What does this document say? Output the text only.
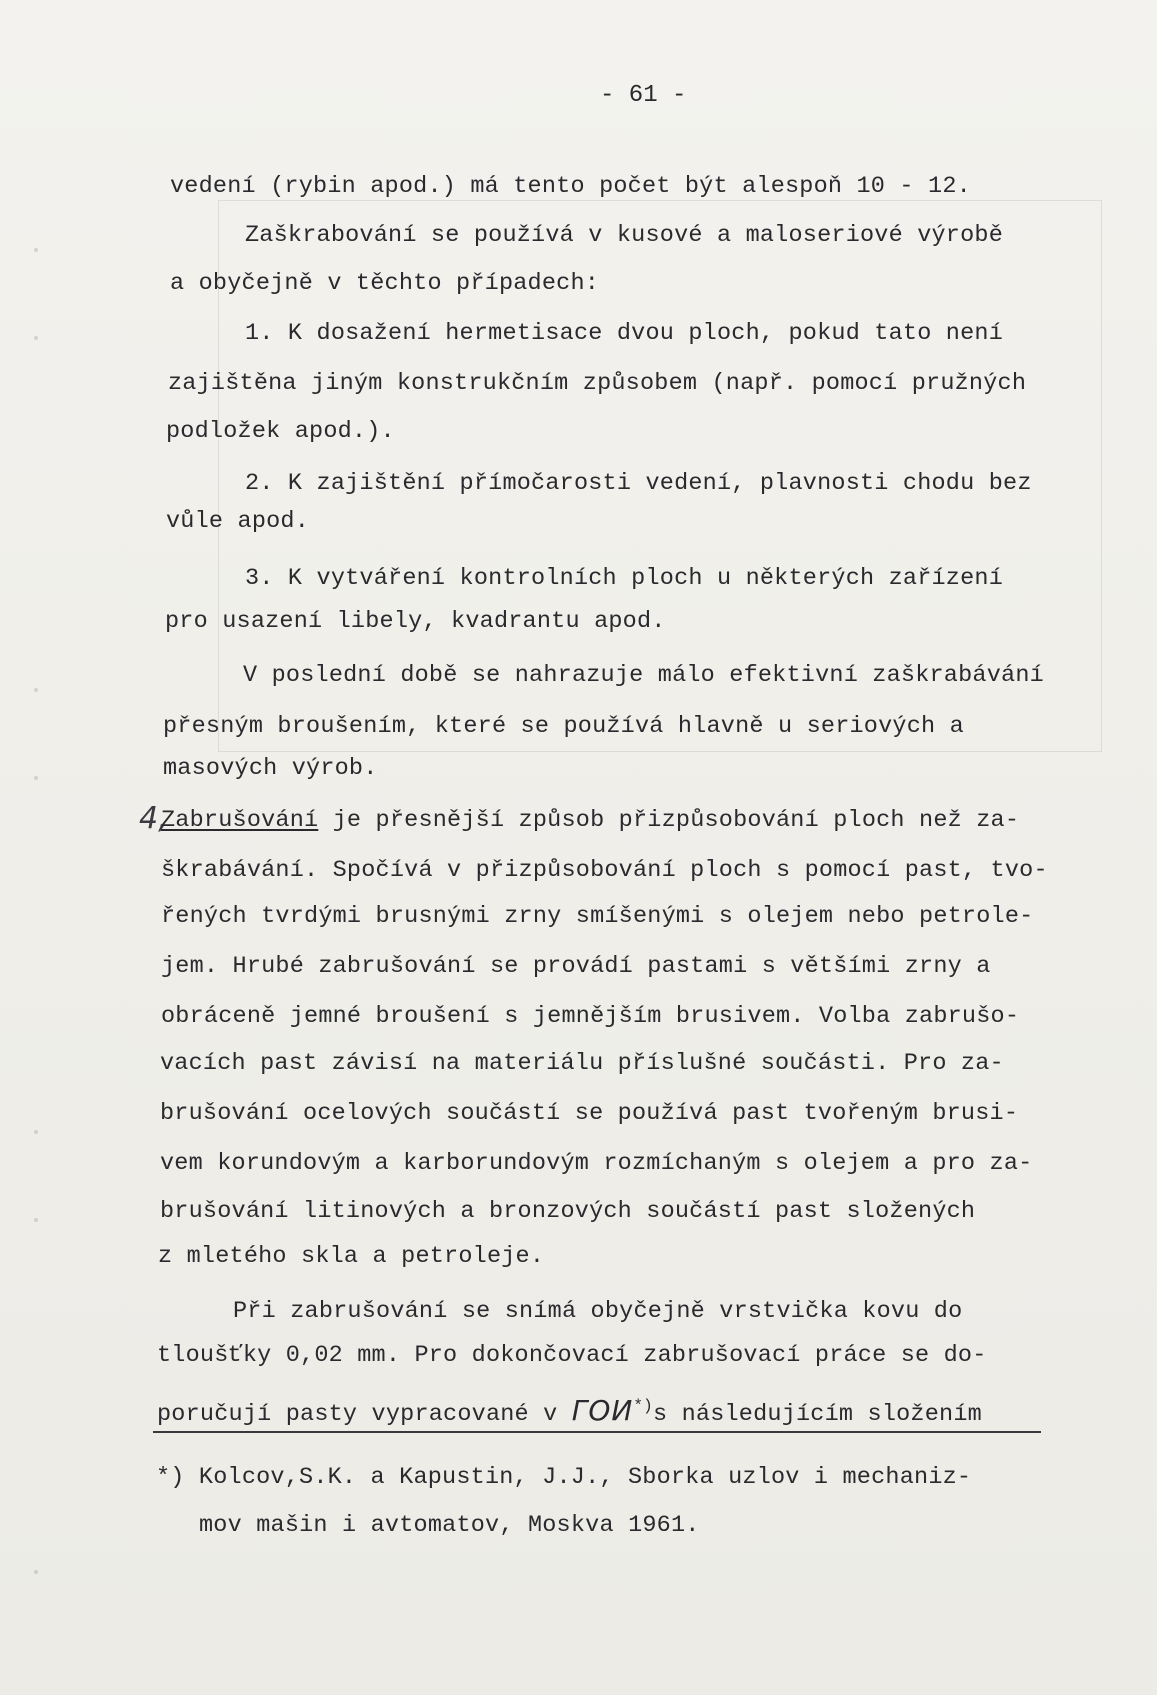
- 61 -
vedení (rybin apod.) má tento počet být alespoň 10 - 12.
Zaškrabování se používá v kusové a maloseriové výrobě
a obyčejně v těchto případech:
1. K dosažení hermetisace dvou ploch, pokud tato není
zajištěna jiným konstrukčním způsobem (např. pomocí pružných
podložek apod.).
2. K zajištění přímočarosti vedení, plavnosti chodu bez
vůle apod.
3. K vytváření kontrolních ploch u některých zařízení
pro usazení libely, kvadrantu apod.
V poslední době se nahrazuje málo efektivní zaškrabávání
přesným broušením, které se používá hlavně u seriových a
masových výrob.
4,
Zabrušování je přesnější způsob přizpůsobování ploch než za-
škrabávání. Spočívá v přizpůsobování ploch s pomocí past, tvo-
řených tvrdými brusnými zrny smíšenými s olejem nebo petrole-
jem. Hrubé zabrušování se provádí pastami s většími zrny a
obráceně jemné broušení s jemnějším brusivem. Volba zabrušo-
vacích past závisí na materiálu příslušné součásti. Pro za-
brušování ocelových součástí se používá past tvořeným brusi-
vem korundovým a karborundovým rozmíchaným s olejem a pro za-
brušování litinových a bronzových součástí past složených
z mletého skla a petroleje.
Při zabrušování se snímá obyčejně vrstvička kovu do
tloušťky 0,02 mm. Pro dokončovací zabrušovací práce se do-
poručují pasty vypracované v ГОИ*)s následujícím složením
*) Kolcov,S.K. a Kapustin, J.J., Sborka uzlov i mechaniz-
mov mašin i avtomatov, Moskva 1961.
